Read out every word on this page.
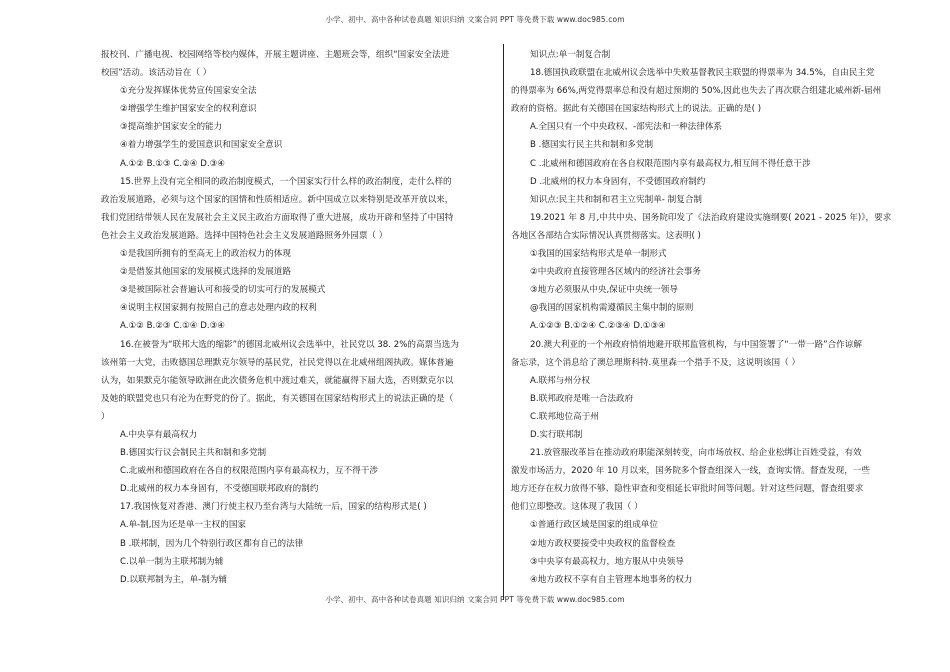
小学、初中、高中各种试卷真题 知识归纳 文案合同 PPT 等免费下载 www.doc985.com
报校刊、广播电视、校园网络等校内媒体，开展主题讲座、主题班会等，组织“国家安全法进
校园”活动。该活动旨在（ ）
①充分发挥媒体优势宣传国家安全法
②增强学生维护国家安全的权利意识
③提高维护国家安全的能力
④着力增强学生的爱国意识和国家安全意识
A.①② B.①③ C.②④ D.③④
15.世界上没有完全相同的政治制度模式，一个国家实行什么样的政治制度，走什么样的
政治发展道路，必须与这个国家的国情和性质相适应。新中国成立以来特别是改革开放以来，
我们党团结带领人民在发展社会主义民主政治方面取得了重大进展，成功开辟和坚持了中国特
色社会主义政治发展道路。选择中国特色社会主义发展道路照务外园票（ ）
①是我国所拥有的至高无上的政治权力的体现
②是借鉴其他国家的发展模式选择的发展道路
③是被国际社会普遍认可和接受的切实可行的发展模式
④说明主权国家拥有按照自己的意志处理内政的权利
A.①② B.②③ C.①④ D.③④
16.在被誉为“联邦大选的缩影”的德国北威州议会选举中，社民党以 38. 2%的高票当选为
该州第一大党，击败德国总理默克尔领导的基民党，社民党得以在北威州组阁执政。媒体普遍
认为，如果默克尔能领导欧洲在此次债务危机中渡过难关，就能赢得下届大选，否则默克尔以
及她的联盟党也只有沦为在野党的份了。据此，有关德国在国家结构形式上的说法正确的是（
）
A.中央享有最高权力
B.德国实行议会制民主共和制和多党制
C.北威州和德国政府在各自的权限范围内享有最高权力，互不得干涉
D.北威州的权力本身固有，不受德国联邦政府的制约
17.我国恢复对香港、澳门行使主权乃至台湾与大陆统一后，国家的结构形式是( )
A.单-制,因为还是单一主权的国家
B .联邦制，因为几个特别行政区都有自己的法律
C.以单一制为主联邦制为辅
D.以联邦制为主，单-制为辅
知识点:单一制复合制
18.德国执政联盟在北威州议会选举中失败基督教民主联盟的得票率为 34.5%，自由民主党
的得票率为 66%,两党得票率总和没有超过预期的 50%,因此也失去了再次联合组建北威州新-届州
政府的资格。据此有关德国在国家结构形式上的说法。正确的是( )
A.全国只有一个中央政权、-部宪法和一种法律体系
B .德国实行民主共和制和多党制
C .北威州和德国政府在各自权限范围内享有最高权力,相互间不得任意干涉
D .北威州的权力本身固有，不受德国政府制约
知识点:民主共和制和君主立宪制单- 制复合制
19.2021 年 8 月,中共中央、国务院印发了《法治政府建设实施纲要( 2021 - 2025 年)》，要求
各地区各部结合实际情况认真贯彻落实。这表明( )
①我国的国家结构形式是单一制形式
②中央政府直接管理各区域内的经济社会事务
③地方必须服从中央,保证中央统一领导
@我国的国家机构需遵循民主集中制的原则
A.①②③ B.①②④ C.②③④ D.①③④
20.澳大利亚的一个州政府悄悄地避开联邦监管机构，与中国签署了“一带一路”合作谅解
备忘录，这个消息给了澳总理斯科特.莫里森一个措手不及，这说明该国（ ）
A.联邦与州分权
B.联邦政府是唯一合法政府
C.联邦地位高于州
D.实行联邦制
21.放管服改革旨在推动政府职能深刻转变，向市场放权、给企业松绑让百姓受益，有效
激发市场活力，2020 年 10 月以来，国务院多个督查组深入一线，查询实情。督查发现，一些
地方还存在权力放得不够、隐性审查和变相延长审批时间等问题。针对这些问题，督查组要求
他们立即整改。这体现了我国（ ）
①普通行政区域是国家的组成单位
②地方政权要接受中央政权的监督检查
③中央享有最高权力，地方服从中央领导
④地方政权不享有自主管理本地事务的权力
小学、初中、高中各种试卷真题 知识归纳 文案合同 PPT 等免费下载 www.doc985.com
